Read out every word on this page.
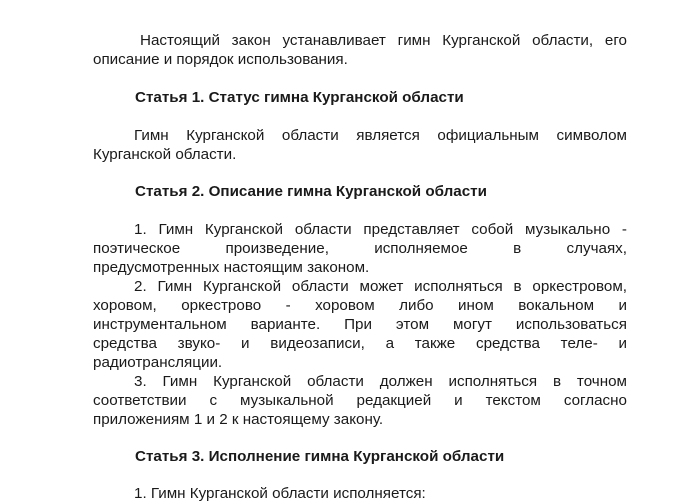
Настоящий закон устанавливает гимн Курганской области, его
описание и порядок использования.
Статья 1. Статус гимна Курганской области
Гимн Курганской области является официальным символом
Курганской области.
Статья 2. Описание гимна Курганской области
1. Гимн Курганской области представляет собой музыкально -
поэтическое произведение, исполняемое в случаях,
предусмотренных настоящим законом.
2. Гимн Курганской области может исполняться в оркестровом,
хоровом, оркестрово - хоровом либо ином вокальном и
инструментальном варианте. При этом могут использоваться
средства звуко- и видеозаписи, а также средства теле- и
радиотрансляции.
3. Гимн Курганской области должен исполняться в точном
соответствии с музыкальной редакцией и текстом согласно
приложениям 1 и 2 к настоящему закону.
Статья 3. Исполнение гимна Курганской области
1. Гимн Курганской области исполняется:
